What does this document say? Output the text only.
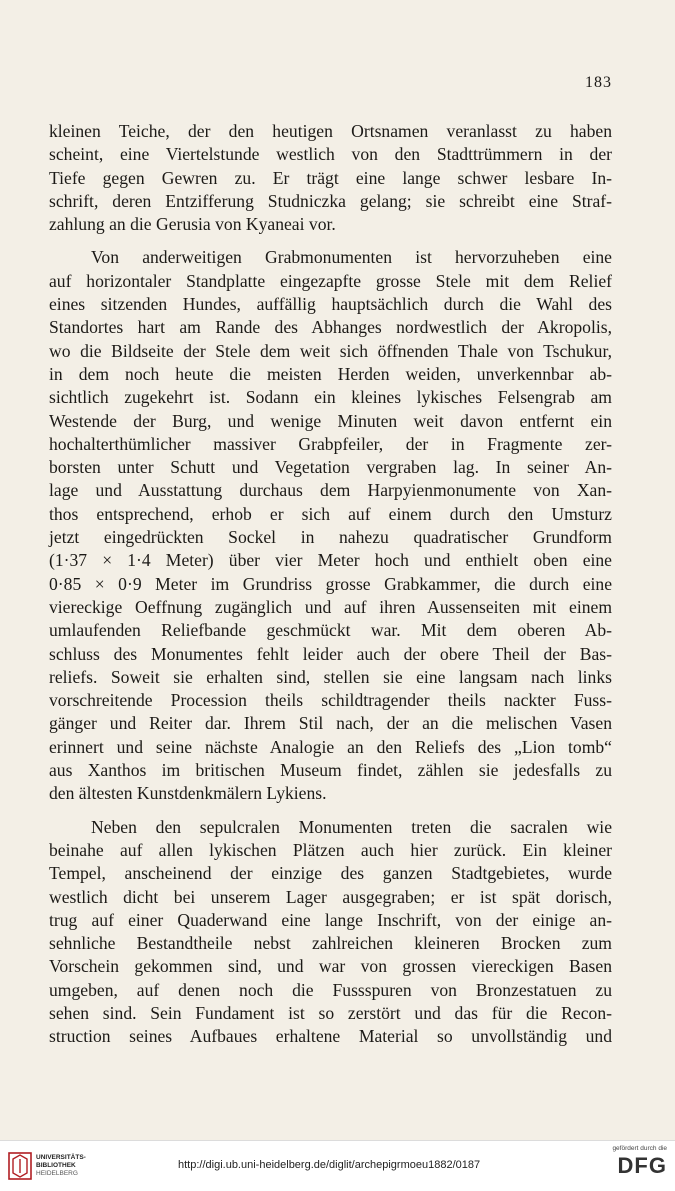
183
kleinen Teiche, der den heutigen Ortsnamen veranlasst zu haben
scheint, eine Viertelstunde westlich von den Stadttrümmern in der
Tiefe gegen Gewren zu. Er trägt eine lange schwer lesbare In-
schrift, deren Entzifferung Studniczka gelang; sie schreibt eine Straf-
zahlung an die Gerusia von Kyaneai vor.
Von anderweitigen Grabmonumenten ist hervorzuheben eine
auf horizontaler Standplatte eingezapfte grosse Stele mit dem Relief
eines sitzenden Hundes, auffällig hauptsächlich durch die Wahl des
Standortes hart am Rande des Abhanges nordwestlich der Akropolis,
wo die Bildseite der Stele dem weit sich öffnenden Thale von Tschukur,
in dem noch heute die meisten Herden weiden, unverkennbar ab-
sichtlich zugekehrt ist. Sodann ein kleines lykisches Felsengrab am
Westende der Burg, und wenige Minuten weit davon entfernt ein
hochalterthümlicher massiver Grabpfeiler, der in Fragmente zer-
borsten unter Schutt und Vegetation vergraben lag. In seiner An-
lage und Ausstattung durchaus dem Harpyienmonumente von Xan-
thos entsprechend, erhob er sich auf einem durch den Umsturz
jetzt eingedrückten Sockel in nahezu quadratischer Grundform
(1·37 × 1·4 Meter) über vier Meter hoch und enthielt oben eine
0·85 × 0·9 Meter im Grundriss grosse Grabkammer, die durch eine
viereckige Oeffnung zugänglich und auf ihren Aussenseiten mit einem
umlaufenden Reliefbande geschmückt war. Mit dem oberen Ab-
schluss des Monumentes fehlt leider auch der obere Theil der Bas-
reliefs. Soweit sie erhalten sind, stellen sie eine langsam nach links
vorschreitende Procession theils schildtragender theils nackter Fuss-
gänger und Reiter dar. Ihrem Stil nach, der an die melischen Vasen
erinnert und seine nächste Analogie an den Reliefs des „Lion tomb“
aus Xanthos im britischen Museum findet, zählen sie jedesfalls zu
den ältesten Kunstdenkmälern Lykiens.
Neben den sepulcralen Monumenten treten die sacralen wie
beinahe auf allen lykischen Plätzen auch hier zurück. Ein kleiner
Tempel, anscheinend der einzige des ganzen Stadtgebietes, wurde
westlich dicht bei unserem Lager ausgegraben; er ist spät dorisch,
trug auf einer Quaderwand eine lange Inschrift, von der einige an-
sehnliche Bestandtheile nebst zahlreichen kleineren Brocken zum
Vorschein gekommen sind, und war von grossen viereckigen Basen
umgeben, auf denen noch die Fussspuren von Bronzestatuen zu
sehen sind. Sein Fundament ist so zerstört und das für die Recon-
struction seines Aufbaues erhaltene Material so unvollständig und
UNIVERSITÄTS-
BIBLIOTHEK
HEIDELBERG
http://digi.ub.uni-heidelberg.de/diglit/archepigrmoeu1882/0187
gefördert durch die
DFG
